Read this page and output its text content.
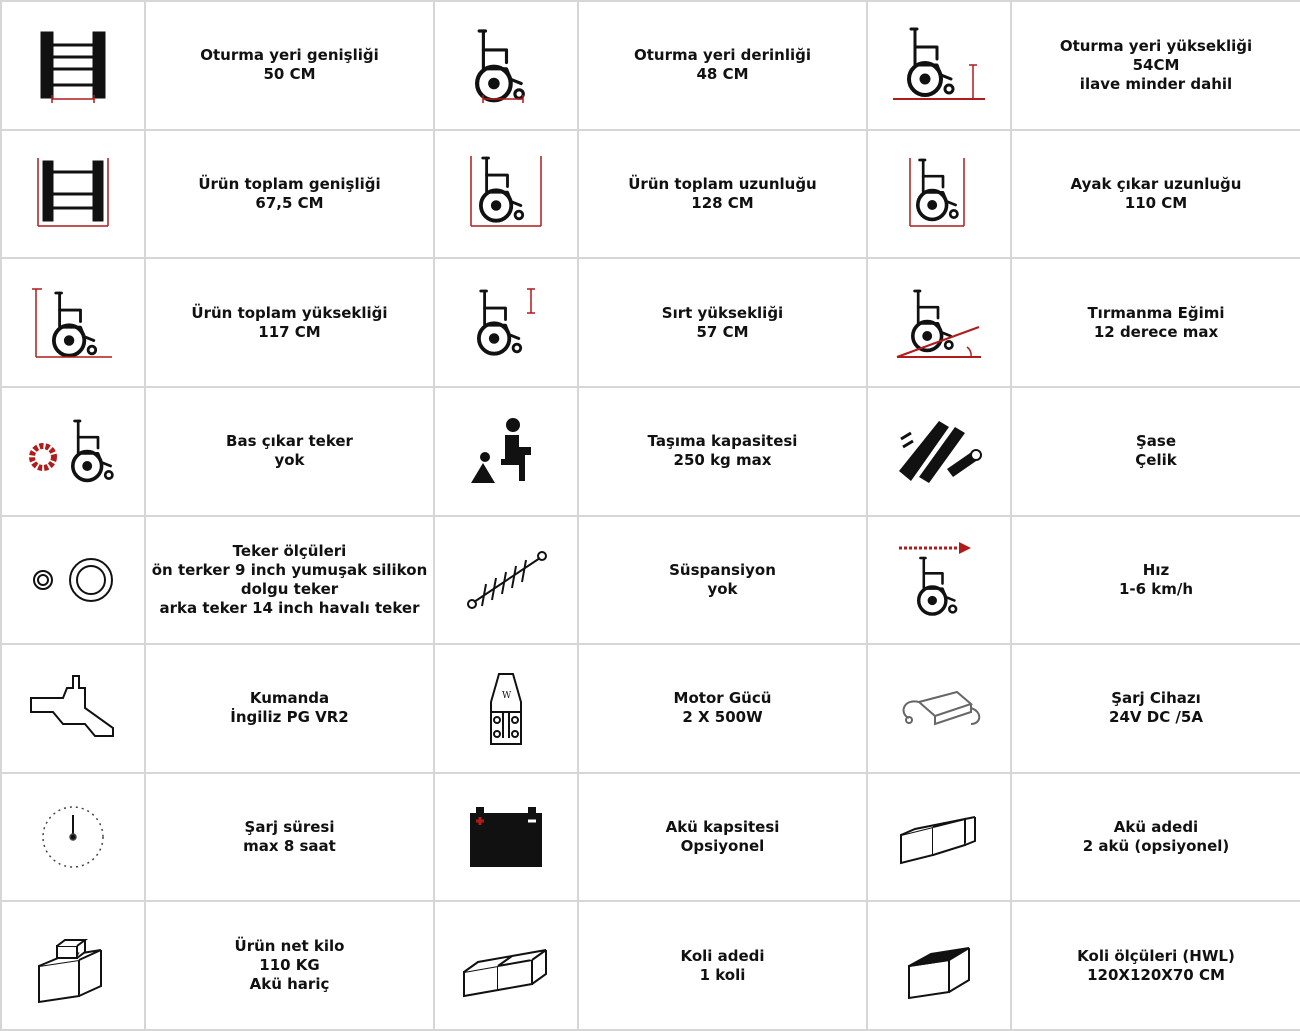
Oturma yeri genişliği
50 CM		Oturma yeri derinliği
48 CM		Oturma yeri yüksekliği
54CM
ilave minder dahil

Ürün toplam genişliği
67,5 CM		Ürün toplam uzunluğu
128 CM		Ayak çıkar uzunluğu
110 CM

Ürün toplam yüksekliği
117 CM		Sırt yüksekliği
57 CM		Tırmanma Eğimi
12 derece max

Bas çıkar teker
yok		Taşıma kapasitesi
250 kg max		Şase
Çelik

Teker ölçüleri
ön terker 9 inch yumuşak silikon
dolgu teker
arka teker 14 inch havalı teker		Süspansiyon
yok		Hız
1-6 km/h

Kumanda
İngiliz PG VR2	W	Motor Gücü
2 X 500W		Şarj Cihazı
24V DC /5A

Şarj süresi
max 8 saat		Akü kapsitesi
Opsiyonel		Akü adedi
2 akü (opsiyonel)

Ürün net kilo
110 KG
Akü hariç		Koli adedi
1 koli		Koli ölçüleri (HWL)
120X120X70 CM
